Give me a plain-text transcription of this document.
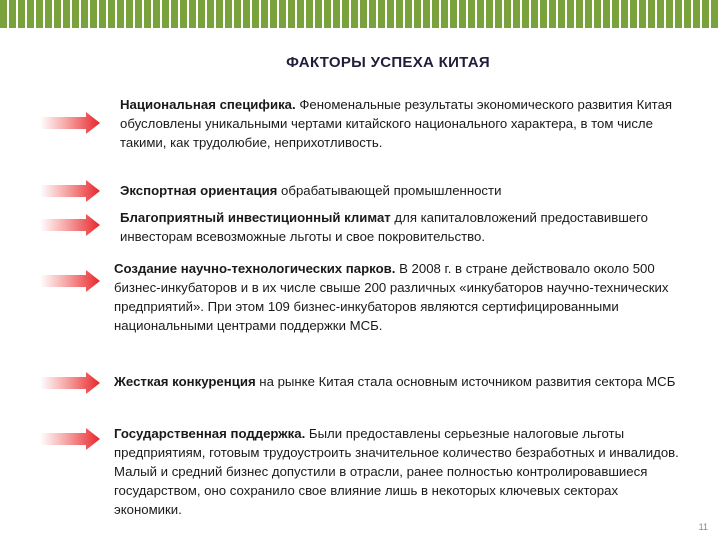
ФАКТОРЫ УСПЕХА КИТАЯ
Национальная специфика. Феноменальные результаты экономического развития Китая обусловлены уникальными чертами китайского национального характера, в том числе такими, как трудолюбие, неприхотливость.
Экспортная ориентация обрабатывающей промышленности
Благоприятный инвестиционный климат для капиталовложений предоставившего инвесторам всевозможные льготы и свое покровительство.
Создание научно-технологических парков. В 2008 г. в стране действовало около 500 бизнес-инкубаторов и в их числе свыше 200 различных «инкубаторов научно-технических предприятий». При этом 109 бизнес-инкубаторов являются сертифицированными национальными центрами поддержки МСБ.
Жесткая конкуренция на рынке Китая стала основным источником развития сектора МСБ
Государственная поддержка. Были предоставлены серьезные налоговые льготы предприятиям, готовым трудоустроить значительное количество безработных и инвалидов. Малый и средний бизнес допустили в отрасли, ранее полностью контролировавшиеся государством, оно сохранило свое влияние лишь в некоторых ключевых секторах экономики.
11
